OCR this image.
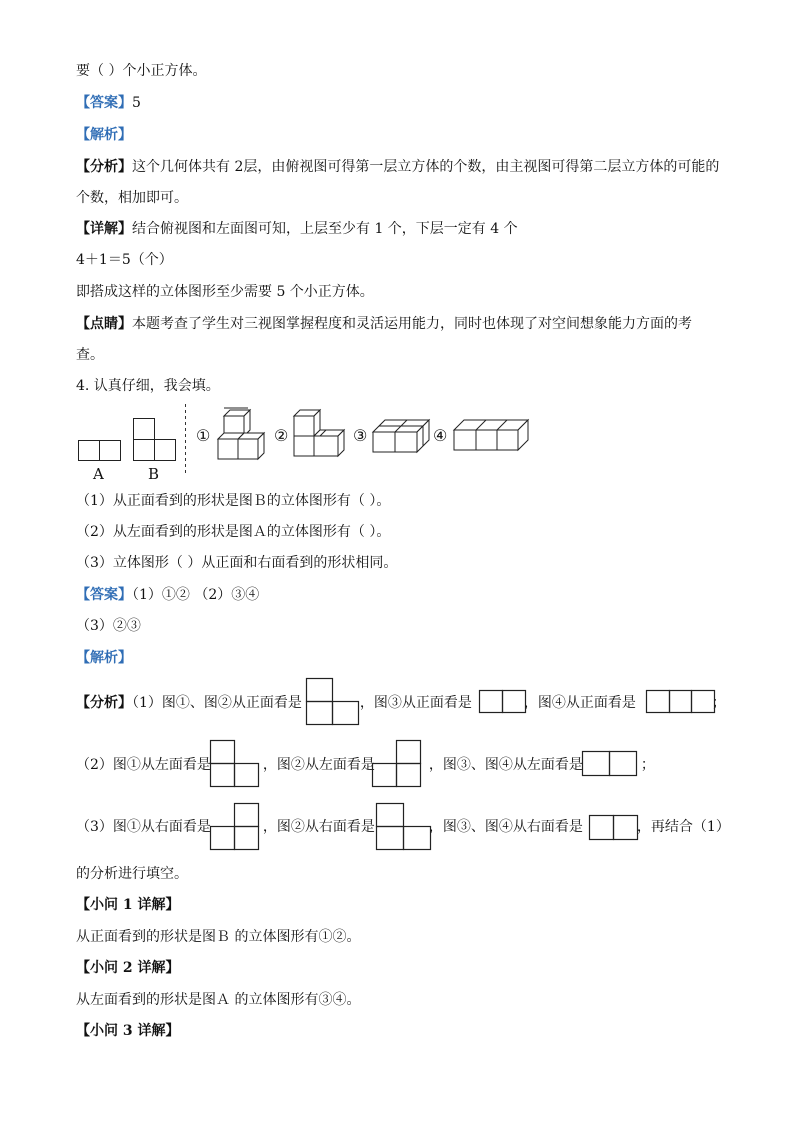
要（ ）个小正方体。
【答案】5
【解析】
【分析】这个几何体共有 2层，由俯视图可得第一层立方体的个数，由主视图可得第二层立方体的可能的
个数，相加即可。
【详解】结合俯视图和左面图可知，上层至少有 1 个，下层一定有 4 个
4＋1＝5（个）
即搭成这样的立体图形至少需要 5 个小正方体。
【点睛】本题考查了学生对三视图掌握程度和灵活运用能力，同时也体现了对空间想象能力方面的考
查。
4. 认真仔细，我会填。
A	B
①	②	③	④
（1）从正面看到的形状是图Ｂ的立体图形有（ ）。
（2）从左面看到的形状是图Ａ的立体图形有（ ）。
（3）立体图形（ ）从正面和右面看到的形状相同。
【答案】（1）①② （2）③④
（3）②③
【解析】
【分析】（1）图①、图②从正面看是	，图③从正面看是	，图④从正面看是	；
（2）图①从左面看是	，图②从左面看是	，图③、图④从左面看是	；
（3）图①从右面看是	，图②从右面看是	，图③、图④从右面看是	，再结合（1）
的分析进行填空。
【小问 1 详解】
从正面看到的形状是图Ｂ 的立体图形有①②。
【小问 2 详解】
从左面看到的形状是图Ａ 的立体图形有③④。
【小问 3 详解】
